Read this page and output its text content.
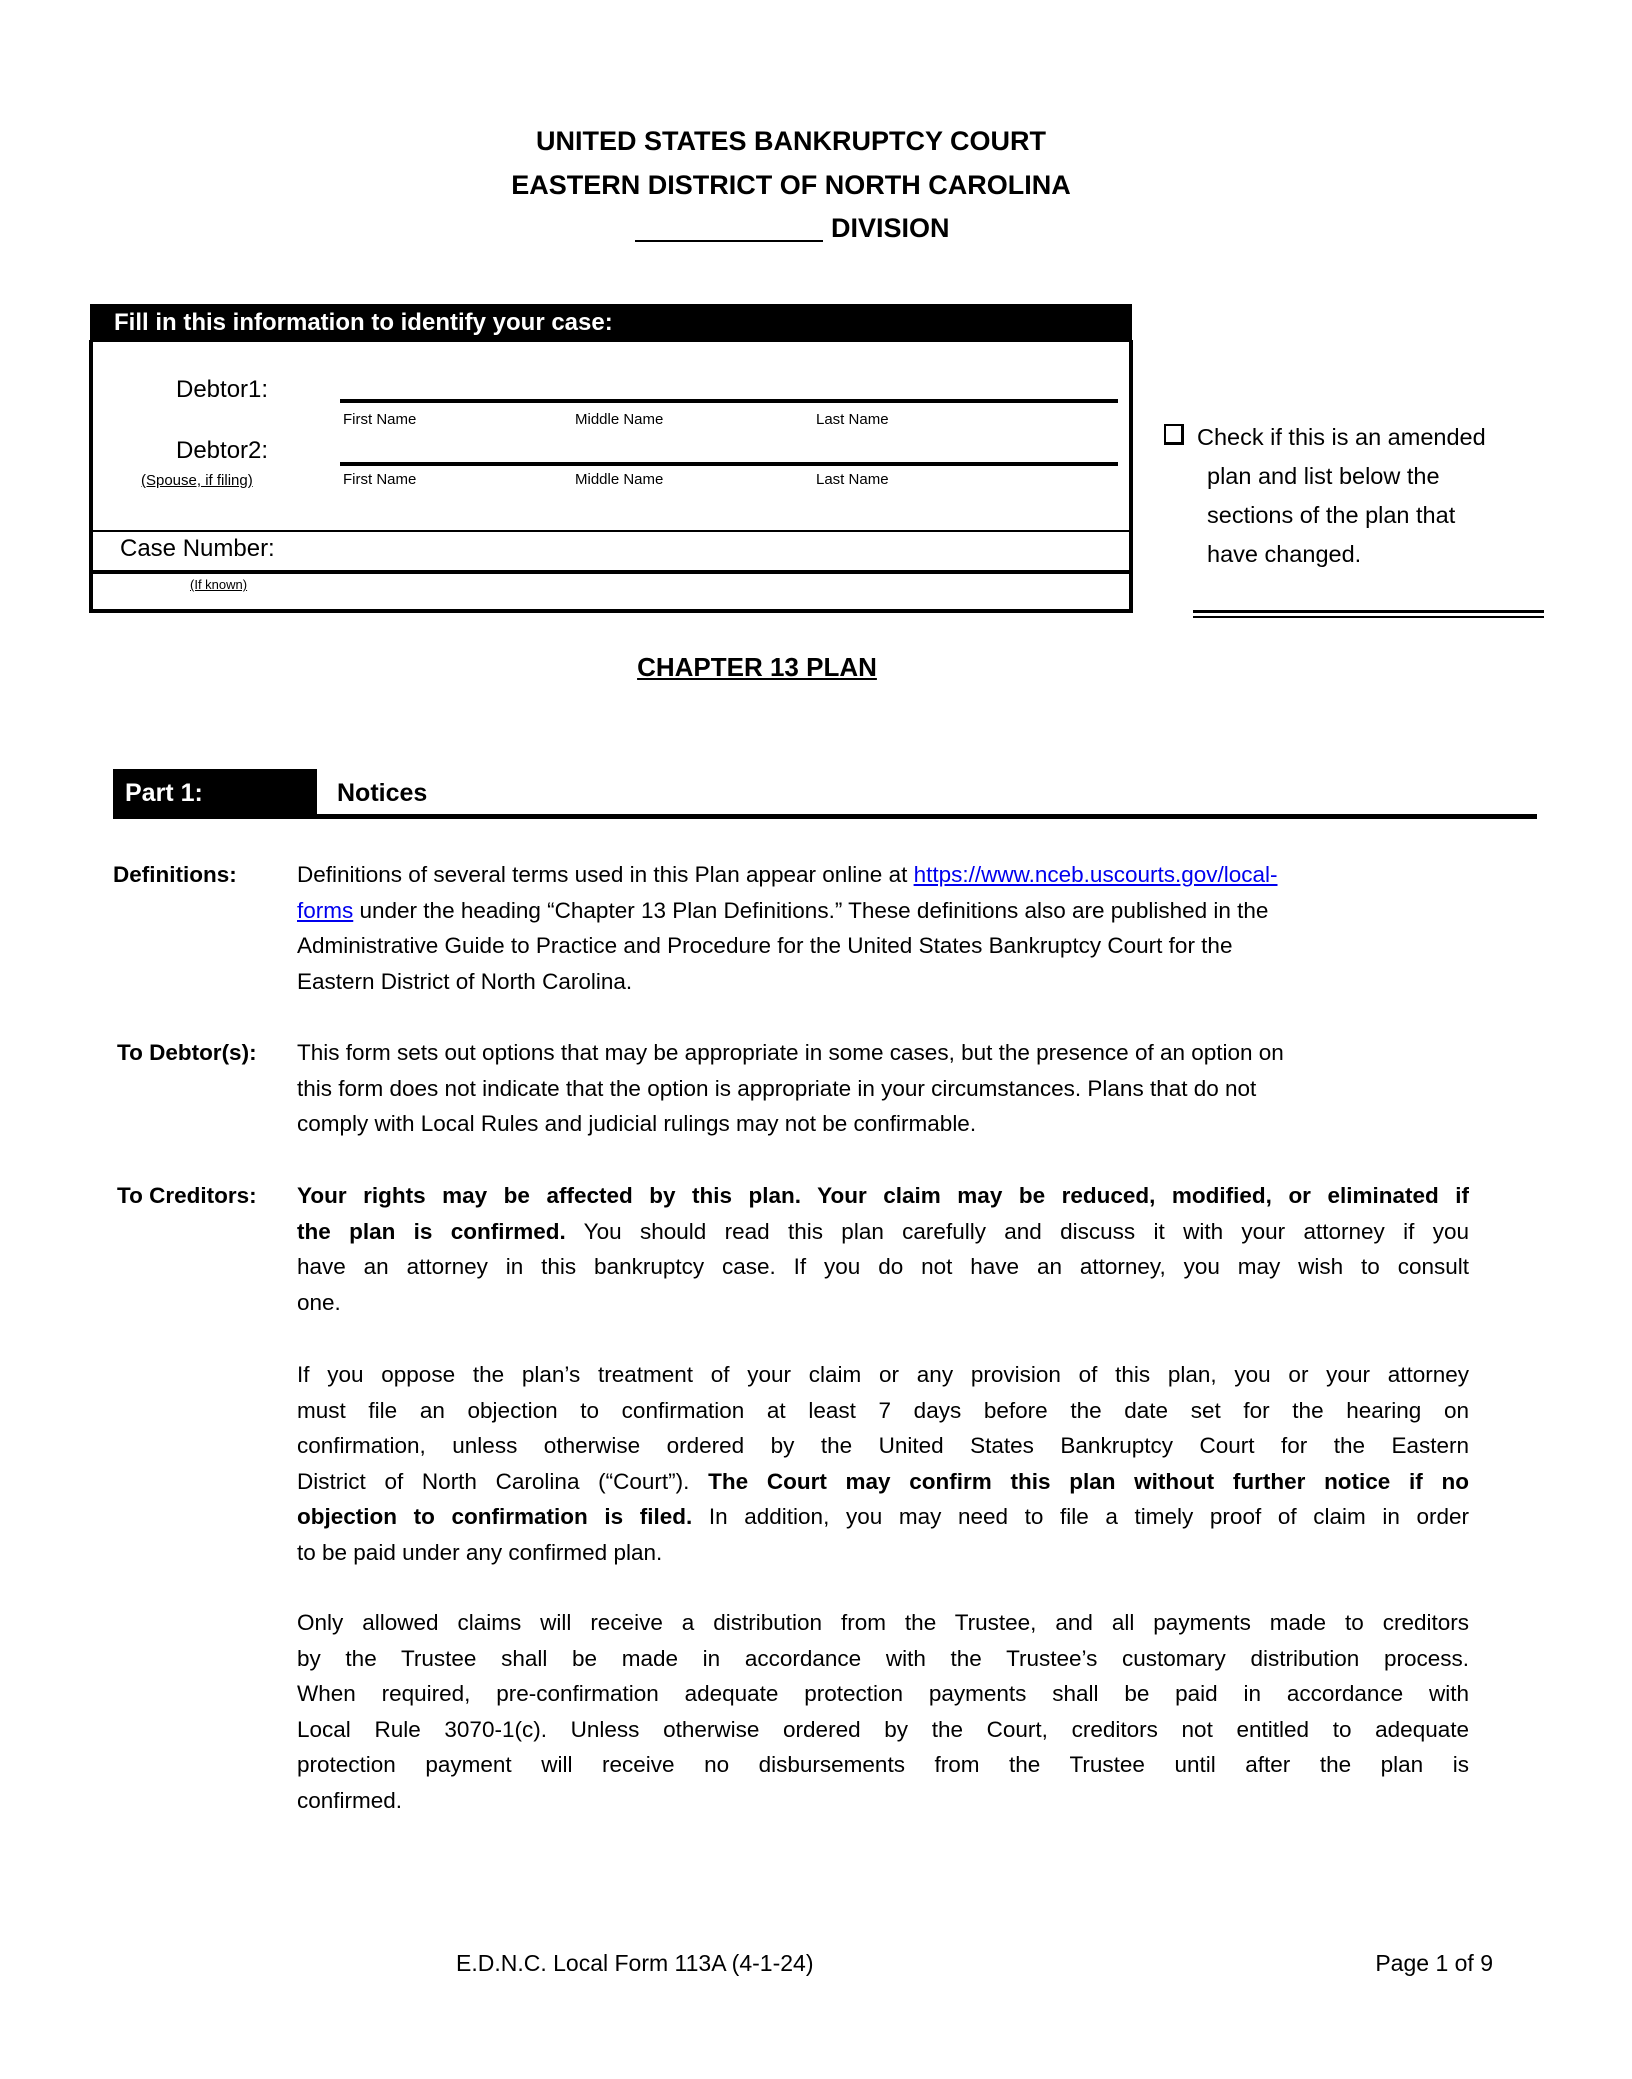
UNITED STATES BANKRUPTCY COURT
EASTERN DISTRICT OF NORTH CAROLINA
DIVISION
Fill in this information to identify your case:
Debtor1:
First Name	Middle Name	Last Name
Debtor2:
(Spouse, if filing)	First Name	Middle Name	Last Name
Case Number:
(If known)
Check if this is an amended
plan and list below the
sections of the plan that
have changed.
CHAPTER 13 PLAN
Part 1:	Notices
Definitions:	Definitions of several terms used in this Plan appear online at https://www.nceb.uscourts.gov/local-
forms under the heading “Chapter 13 Plan Definitions.” These definitions also are published in the
Administrative Guide to Practice and Procedure for the United States Bankruptcy Court for the
Eastern District of North Carolina.
To Debtor(s): This form sets out options that may be appropriate in some cases, but the presence of an option on
this form does not indicate that the option is appropriate in your circumstances. Plans that do not
comply with Local Rules and judicial rulings may not be confirmable.
To Creditors: Your rights may be affected by this plan. Your claim may be reduced, modified, or eliminated if
the plan is confirmed. You should read this plan carefully and discuss it with your attorney if you
have an attorney in this bankruptcy case. If you do not have an attorney, you may wish to consult
one.
If you oppose the plan’s treatment of your claim or any provision of this plan, you or your attorney
must file an objection to confirmation at least 7 days before the date set for the hearing on
confirmation, unless otherwise ordered by the United States Bankruptcy Court for the Eastern
District of North Carolina (“Court”). The Court may confirm this plan without further notice if no
objection to confirmation is filed. In addition, you may need to file a timely proof of claim in order
to be paid under any confirmed plan.
Only allowed claims will receive a distribution from the Trustee, and all payments made to creditors
by the Trustee shall be made in accordance with the Trustee’s customary distribution process.
When required, pre-confirmation adequate protection payments shall be paid in accordance with
Local Rule 3070-1(c). Unless otherwise ordered by the Court, creditors not entitled to adequate
protection payment will receive no disbursements from the Trustee until after the plan is
confirmed.
E.D.N.C. Local Form 113A (4-1-24)	Page 1 of 9
